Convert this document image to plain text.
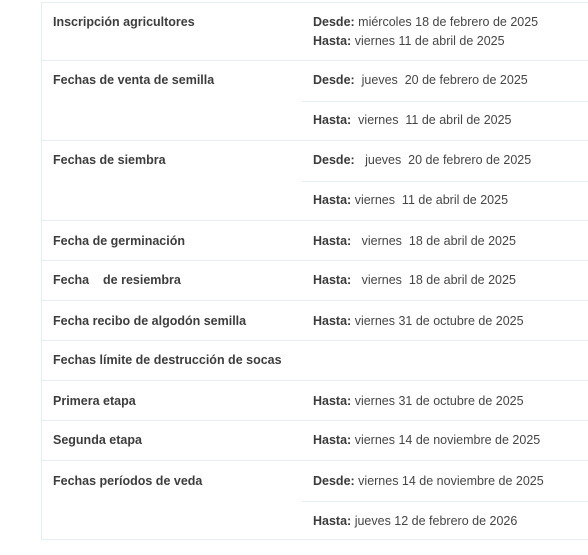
Inscripción agricultores	Desde: miércoles 18 de febrero de 2025
Hasta: viernes 11 de abril de 2025
Fechas de venta de semilla	Desde:  jueves  20 de febrero de 2025
Hasta:  viernes  11 de abril de 2025
Fechas de siembra	Desde:   jueves  20 de febrero de 2025
Hasta: viernes  11 de abril de 2025
Fecha de germinación	Hasta:   viernes  18 de abril de 2025
Fecha    de resiembra	Hasta:   viernes  18 de abril de 2025
Fecha recibo de algodón semilla	Hasta: viernes 31 de octubre de 2025
Fechas límite de destrucción de socas
Primera etapa	Hasta: viernes 31 de octubre de 2025
Segunda etapa	Hasta: viernes 14 de noviembre de 2025
Fechas períodos de veda	Desde: viernes 14 de noviembre de 2025
Hasta: jueves 12 de febrero de 2026
